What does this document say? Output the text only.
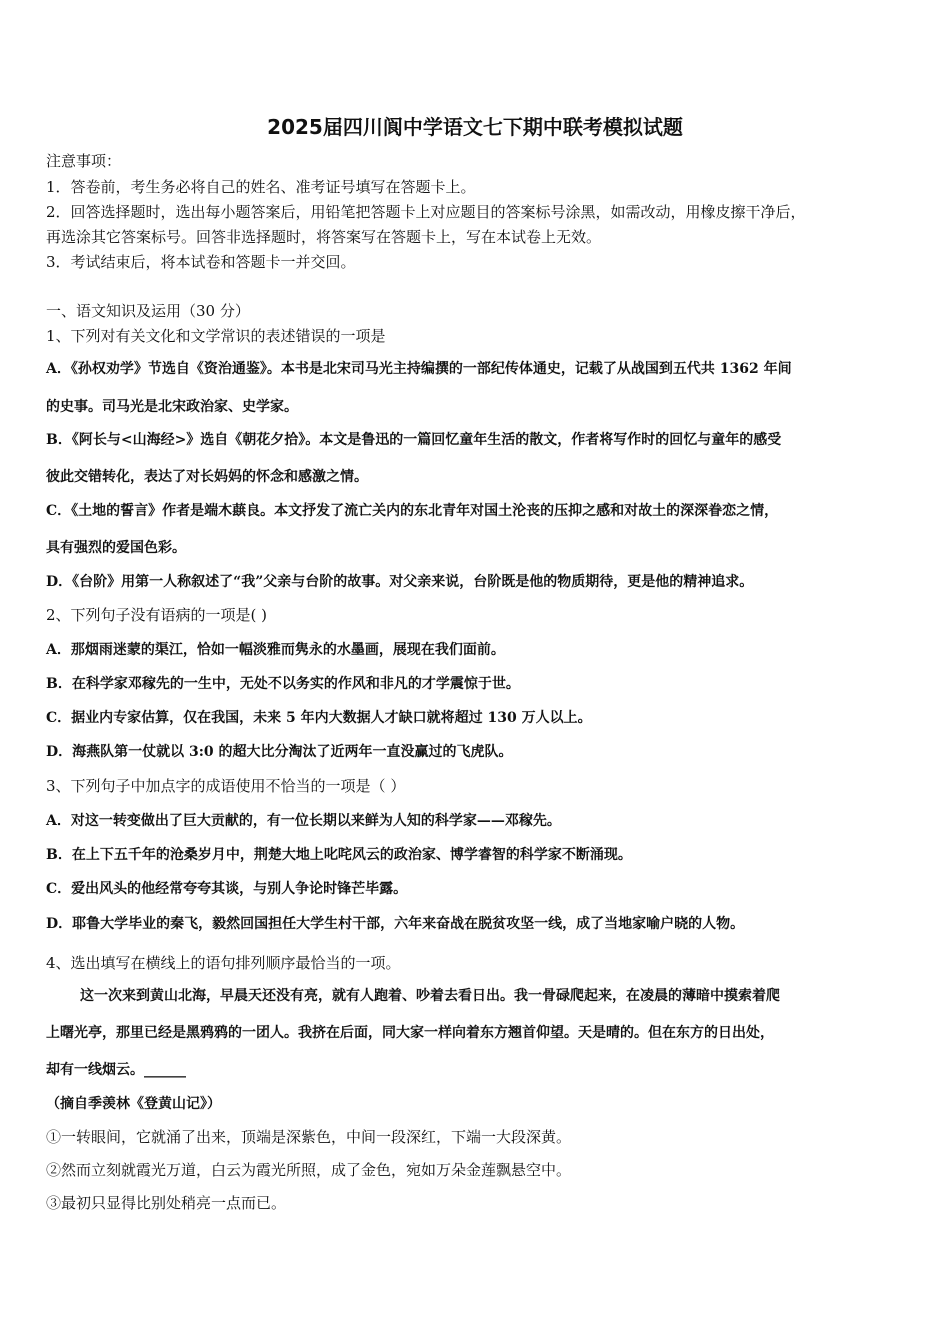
2025届四川阆中学语文七下期中联考模拟试题
注意事项：
1．答卷前，考生务必将自己的姓名、准考证号填写在答题卡上。
2．回答选择题时，选出每小题答案后，用铅笔把答题卡上对应题目的答案标号涂黑，如需改动，用橡皮擦干净后，
再选涂其它答案标号。回答非选择题时，将答案写在答题卡上，写在本试卷上无效。
3．考试结束后，将本试卷和答题卡一并交回。
一、语文知识及运用（30 分）
1、下列对有关文化和文学常识的表述错误的一项是
A．《孙权劝学》节选自《资治通鉴》。本书是北宋司马光主持编撰的一部纪传体通史，记载了从战国到五代共 1362 年间
的史事。司马光是北宋政治家、史学家。
B．《阿长与<山海经>》选自《朝花夕拾》。本文是鲁迅的一篇回忆童年生活的散文，作者将写作时的回忆与童年的感受
彼此交错转化，表达了对长妈妈的怀念和感激之情。
C．《土地的誓言》作者是端木蕻良。本文抒发了流亡关内的东北青年对国土沦丧的压抑之感和对故土的深深眷恋之情，
具有强烈的爱国色彩。
D．《台阶》用第一人称叙述了“我”父亲与台阶的故事。对父亲来说，台阶既是他的物质期待，更是他的精神追求。
2、下列句子没有语病的一项是( )
A．那烟雨迷蒙的渠江，恰如一幅淡雅而隽永的水墨画，展现在我们面前。
B．在科学家邓稼先的一生中，无处不以务实的作风和非凡的才学震惊于世。
C．据业内专家估算，仅在我国，未来 5 年内大数据人才缺口就将超过 130 万人以上。
D．海燕队第一仗就以 3:0 的超大比分淘汰了近两年一直没赢过的飞虎队。
3、下列句子中加点字的成语使用不恰当的一项是（ ）
A．对这一转变做出了巨大贡献的，有一位长期以来鲜为人知的科学家——邓稼先。
B．在上下五千年的沧桑岁月中，荆楚大地上叱咤风云的政治家、博学睿智的科学家不断涌现。
C．爱出风头的他经常夸夸其谈，与别人争论时锋芒毕露。
D．耶鲁大学毕业的秦飞，毅然回国担任大学生村干部，六年来奋战在脱贫攻坚一线，成了当地家喻户晓的人物。
4、选出填写在横线上的语句排列顺序最恰当的一项。
这一次来到黄山北海，早晨天还没有亮，就有人跑着、吵着去看日出。我一骨碌爬起来，在凌晨的薄暗中摸索着爬
上曙光亭，那里已经是黑鸦鸦的一团人。我挤在后面，同大家一样向着东方翘首仰望。天是晴的。但在东方的日出处，
却有一线烟云。______
（摘自季羡林《登黄山记》）
①一转眼间，它就涌了出来，顶端是深紫色，中间一段深红，下端一大段深黄。
②然而立刻就霞光万道，白云为霞光所照，成了金色，宛如万朵金莲飘悬空中。
③最初只显得比别处稍亮一点而已。
